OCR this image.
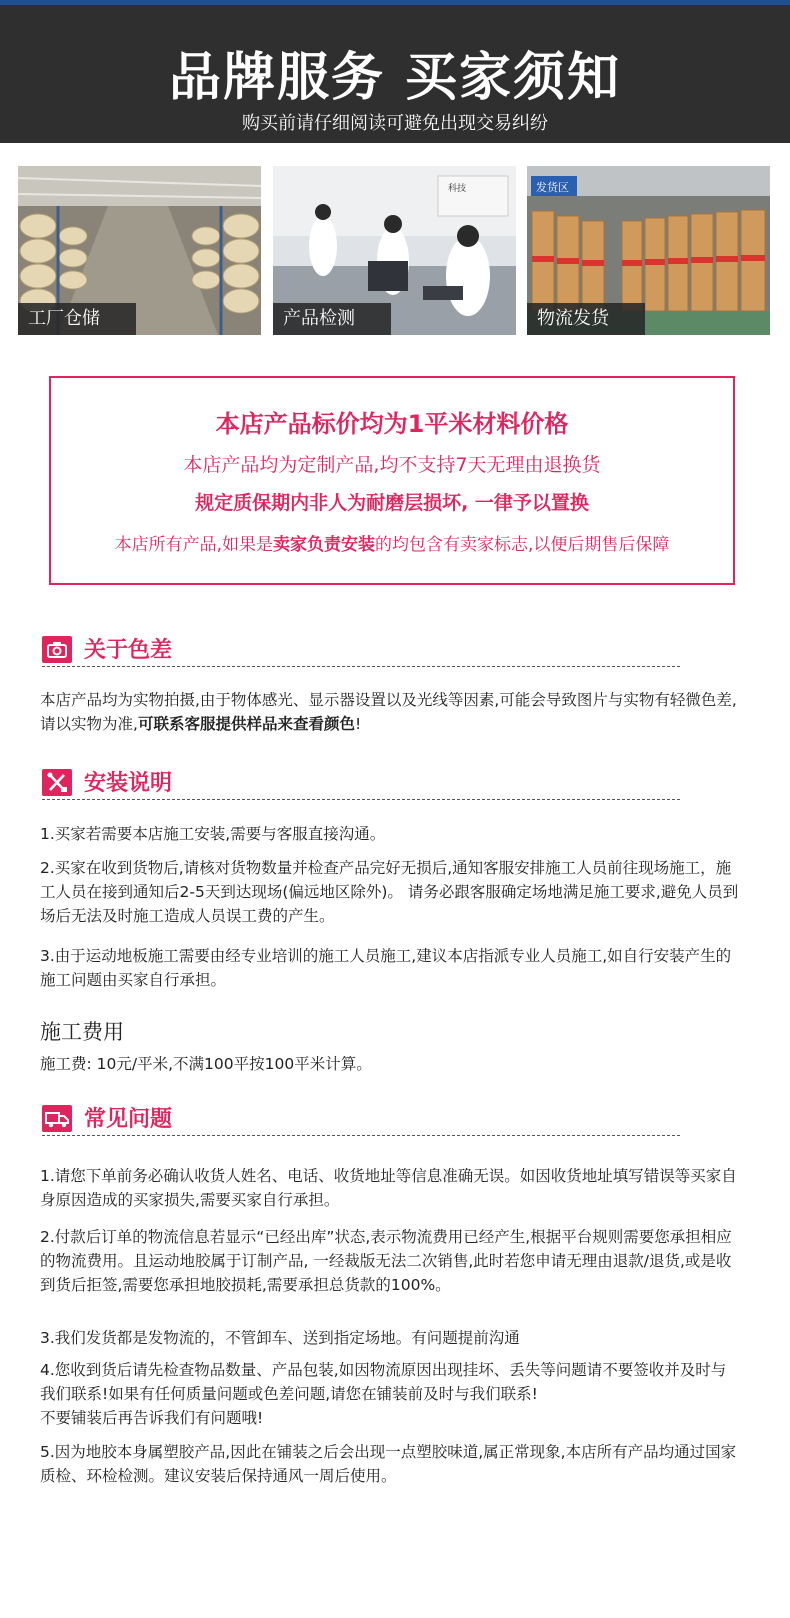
品牌服务 买家须知
购买前请仔细阅读可避免出现交易纠纷
工厂仓储
科技
产品检测
发货区
物流发货
本店产品标价均为1平米材料价格
本店产品均为定制产品,均不支持7天无理由退换货
规定质保期内非人为耐磨层损坏, 一律予以置换
本店所有产品,如果是卖家负责安装的均包含有卖家标志,以便后期售后保障
关于色差
本店产品均为实物拍摄,由于物体感光、显示器设置以及光线等因素,可能会导致图片与实物有轻微色差,请以实物为准,可联系客服提供样品来查看颜色!
安装说明
1.买家若需要本店施工安装,需要与客服直接沟通。
2.买家在收到货物后,请核对货物数量并检查产品完好无损后,通知客服安排施工人员前往现场施工，施工人员在接到通知后2-5天到达现场(偏远地区除外)。 请务必跟客服确定场地满足施工要求,避免人员到场后无法及时施工造成人员误工费的产生。
3.由于运动地板施工需要由经专业培训的施工人员施工,建议本店指派专业人员施工,如自行安装产生的施工问题由买家自行承担。
施工费用
施工费: 10元/平米,不满100平按100平米计算。
常见问题
1.请您下单前务必确认收货人姓名、电话、收货地址等信息准确无误。如因收货地址填写错误等买家自身原因造成的买家损失,需要买家自行承担。
2.付款后订单的物流信息若显示“已经出库”状态,表示物流费用已经产生,根据平台规则需要您承担相应的物流费用。且运动地胶属于订制产品, 一经裁版无法二次销售,此时若您申请无理由退款/退货,或是收到货后拒签,需要您承担地胶损耗,需要承担总货款的100%。
3.我们发货都是发物流的，不管卸车、送到指定场地。有问题提前沟通
4.您收到货后请先检查物品数量、产品包装,如因物流原因出现挂坏、丢失等问题请不要签收并及时与我们联系!如果有任何质量问题或色差问题,请您在铺装前及时与我们联系!
不要铺装后再告诉我们有问题哦!
5.因为地胶本身属塑胶产品,因此在铺装之后会出现一点塑胶味道,属正常现象,本店所有产品均通过国家质检、环检检测。建议安装后保持通风一周后使用。
